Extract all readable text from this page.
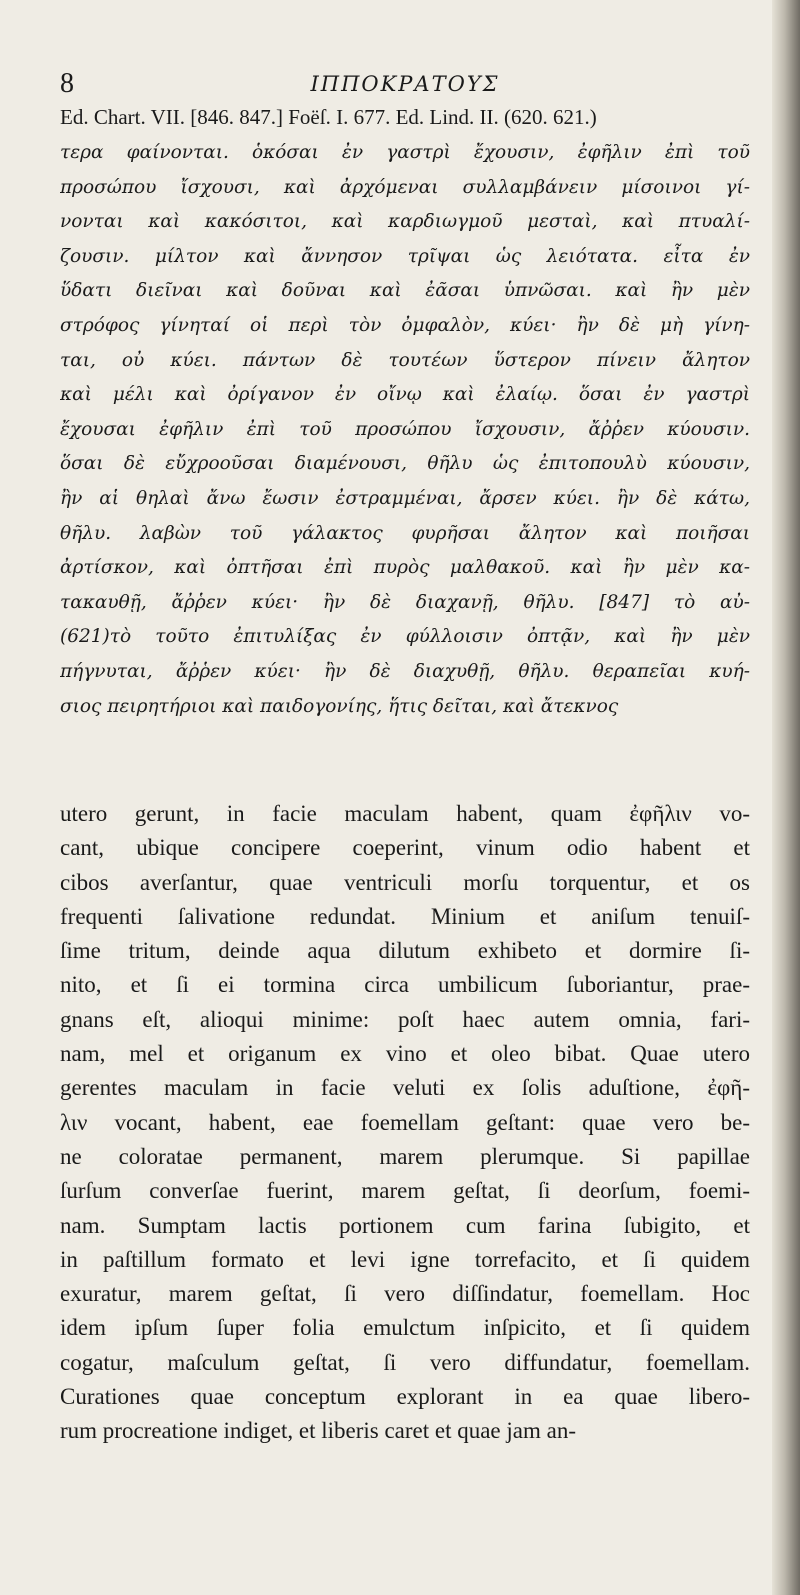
8	ΙΠΠΟΚΡΑΤΟΥΣ
Ed. Chart. VII. [846. 847.] Foëſ. I. 677. Ed. Lind. II. (620. 621.)
τερα φαίνονται. ὁκόσαι ἐν γαστρὶ ἔχουσιν, ἐφῆλιν ἐπὶ τοῦ
προσώπου ἴσχουσι, καὶ ἀρχόμεναι συλλαμβάνειν μίσοινοι γί-
νονται καὶ κακόσιτοι, καὶ καρδιωγμοῦ μεσταὶ, καὶ πτυαλί-
ζουσιν. μίλτον καὶ ἄννησον τρῖψαι ὡς λειότατα. εἶτα ἐν
ὕδατι διεῖναι καὶ δοῦναι καὶ ἐᾶσαι ὑπνῶσαι. καὶ ἢν μὲν
στρόφος γίνηταί οἱ περὶ τὸν ὀμφαλὸν, κύει· ἢν δὲ μὴ γίνη-
ται, οὐ κύει. πάντων δὲ τουτέων ὕστερον πίνειν ἄλητον
καὶ μέλι καὶ ὀρίγανον ἐν οἴνῳ καὶ ἐλαίῳ. ὅσαι ἐν γαστρὶ
ἔχουσαι ἐφῆλιν ἐπὶ τοῦ προσώπου ἴσχουσιν, ἄῤῥεν κύουσιν.
ὅσαι δὲ εὔχροοῦσαι διαμένουσι, θῆλυ ὡς ἐπιτοπουλὺ κύουσιν,
ἢν αἱ θηλαὶ ἄνω ἔωσιν ἐστραμμέναι, ἄρσεν κύει. ἢν δὲ κάτω,
θῆλυ. λαβὼν τοῦ γάλακτος φυρῆσαι ἄλητον καὶ ποιῆσαι
ἀρτίσκον, καὶ ὀπτῆσαι ἐπὶ πυρὸς μαλθακοῦ. καὶ ἢν μὲν κα-
τακαυθῇ, ἄῤῥεν κύει· ἢν δὲ διαχανῇ, θῆλυ. [847] τὸ αὐ-
(621)τὸ τοῦτο ἐπιτυλίξας ἐν φύλλοισιν ὀπτᾷν, καὶ ἢν μὲν
πήγνυται, ἄῤῥεν κύει· ἢν δὲ διαχυθῇ, θῆλυ. θεραπεῖαι κυή-
σιος πειρητήριοι καὶ παιδογονίης, ἥτις δεῖται, καὶ ἄτεκνος
utero gerunt, in facie maculam habent, quam ἐφῆλιν vo-
cant, ubique concipere coeperint, vinum odio habent et
cibos averſantur, quae ventriculi morſu torquentur, et os
frequenti ſalivatione redundat. Minium et aniſum tenuiſ-
ſime tritum, deinde aqua dilutum exhibeto et dormire ſi-
nito, et ſi ei tormina circa umbilicum ſuboriantur, prae-
gnans eſt, alioqui minime: poſt haec autem omnia, fari-
nam, mel et origanum ex vino et oleo bibat. Quae utero
gerentes maculam in facie veluti ex ſolis aduſtione, ἐφῆ-
λιν vocant, habent, eae foemellam geſtant: quae vero be-
ne coloratae permanent, marem plerumque. Si papillae
ſurſum converſae fuerint, marem geſtat, ſi deorſum, foemi-
nam. Sumptam lactis portionem cum farina ſubigito, et
in paſtillum formato et levi igne torrefacito, et ſi quidem
exuratur, marem geſtat, ſi vero diſſindatur, foemellam. Hoc
idem ipſum ſuper folia emulctum inſpicito, et ſi quidem
cogatur, maſculum geſtat, ſi vero diffundatur, foemellam.
Curationes quae conceptum explorant in ea quae libero-
rum procreatione indiget, et liberis caret et quae jam an-
